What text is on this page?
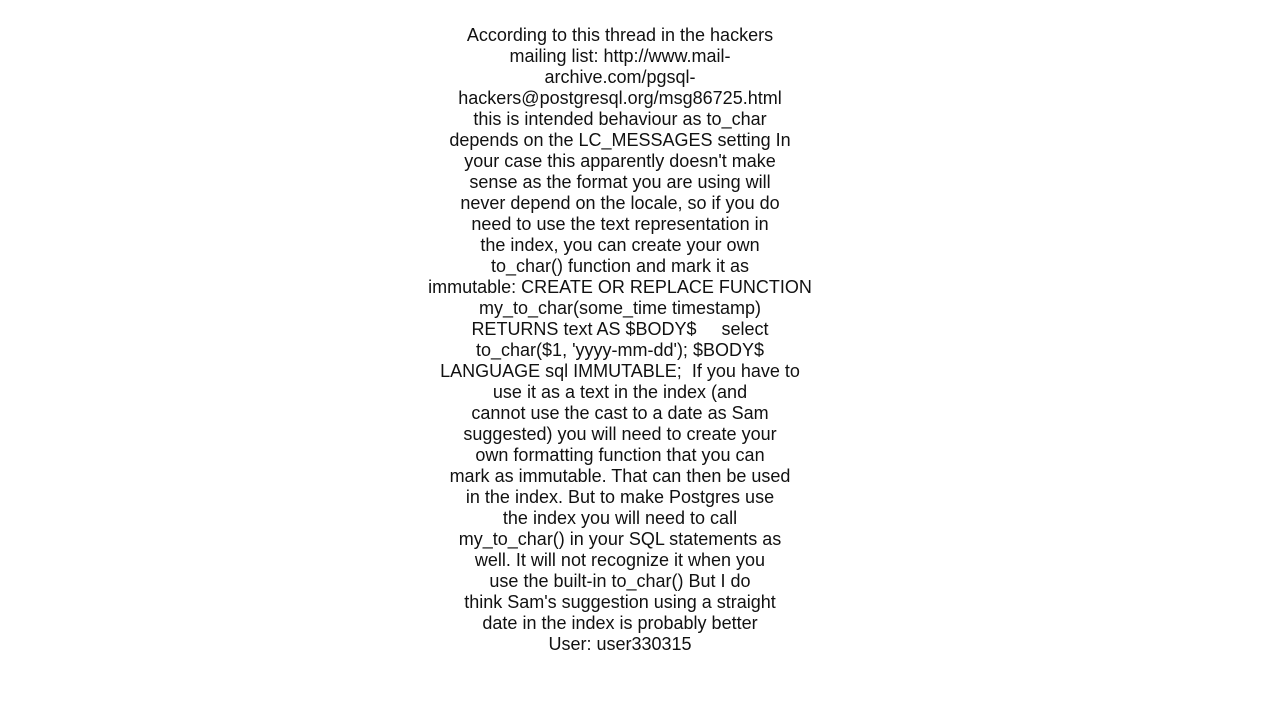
According to this thread in the hackers
mailing list: http://www.mail-
archive.com/pgsql-
hackers@postgresql.org/msg86725.html
this is intended behaviour as to_char
depends on the LC_MESSAGES setting In
your case this apparently doesn't make
sense as the format you are using will
never depend on the locale, so if you do
need to use the text representation in
the index, you can create your own
to_char() function and mark it as
immutable: CREATE OR REPLACE FUNCTION
my_to_char(some_time timestamp)
RETURNS text AS $BODY$     select
to_char($1, 'yyyy-mm-dd'); $BODY$
LANGUAGE sql IMMUTABLE;  If you have to
use it as a text in the index (and
cannot use the cast to a date as Sam
suggested) you will need to create your
own formatting function that you can
mark as immutable. That can then be used
in the index. But to make Postgres use
the index you will need to call
my_to_char() in your SQL statements as
well. It will not recognize it when you
use the built-in to_char() But I do
think Sam's suggestion using a straight
date in the index is probably better
User: user330315
